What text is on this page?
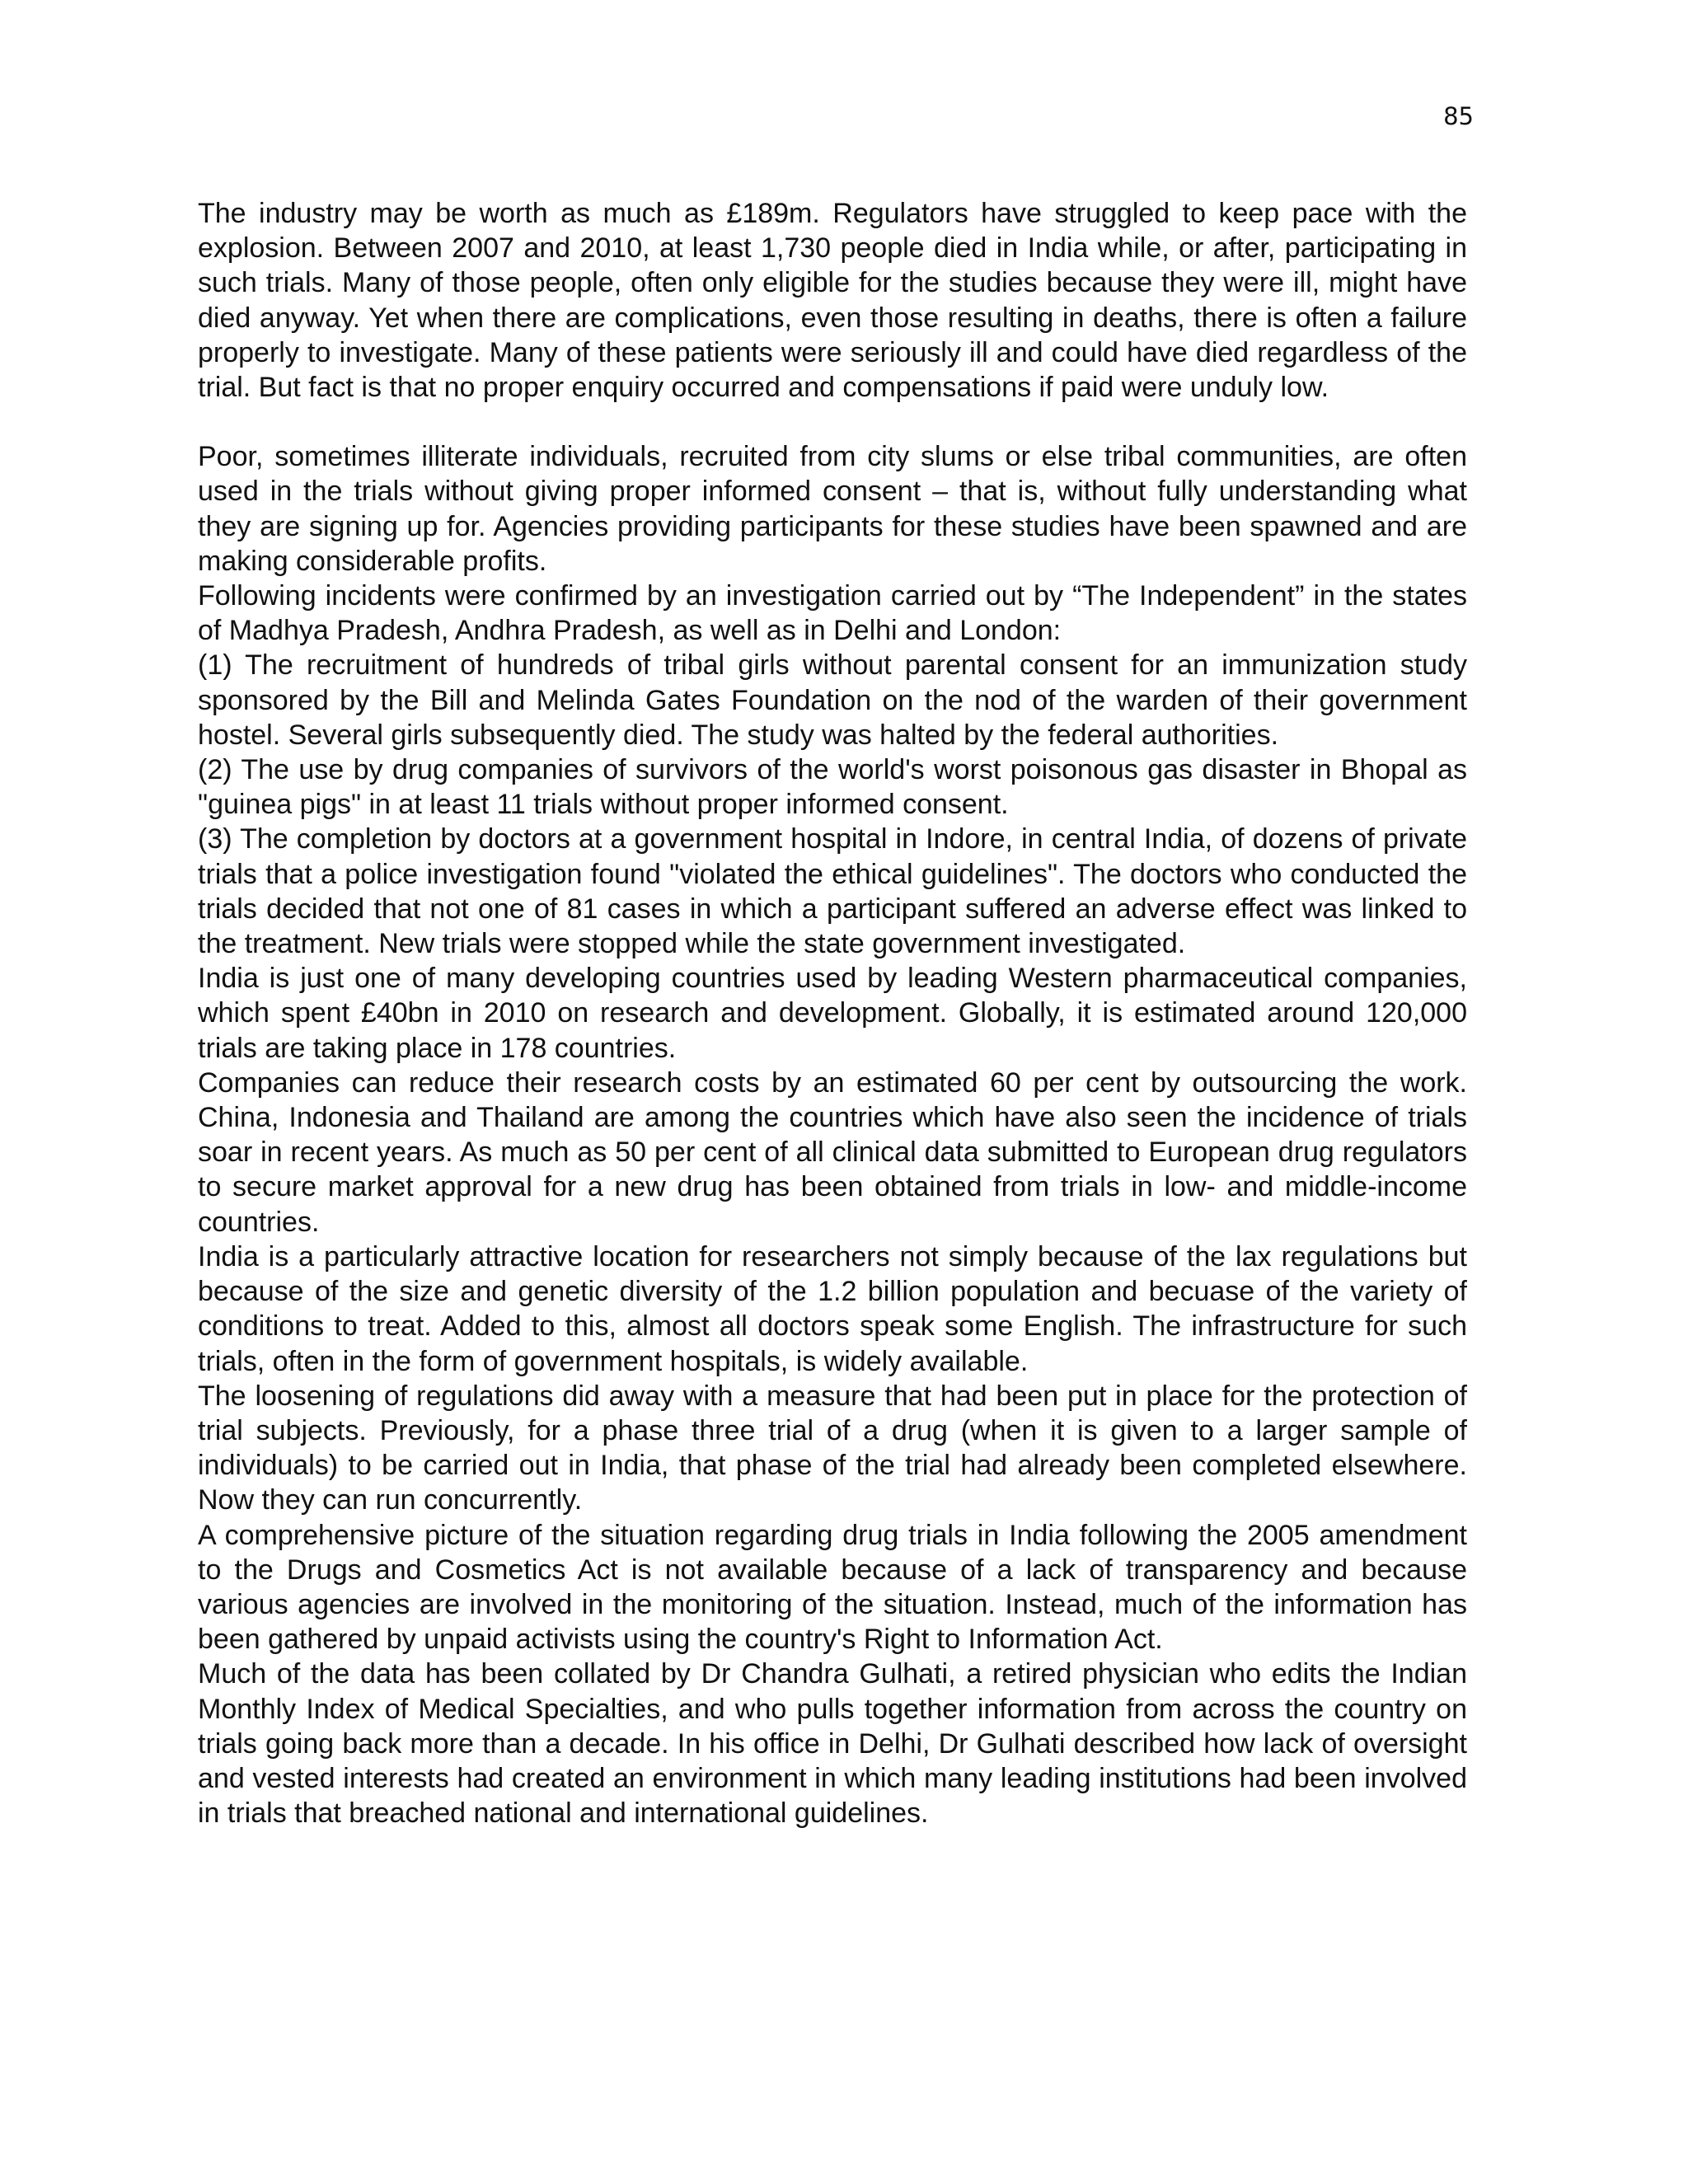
85

The industry may be worth as much as £189m. Regulators have struggled to keep pace with the explosion. Between 2007 and 2010, at least 1,730 people died in India while, or after, participating in such trials. Many of those people, often only eligible for the studies because they were ill, might have died anyway. Yet when there are complications, even those resulting in deaths, there is often a failure properly to investigate. Many of these patients were seriously ill and could have died regardless of the trial. But fact is that no proper enquiry occurred and compensations if paid were unduly low.

Poor, sometimes illiterate individuals, recruited from city slums or else tribal communities, are often used in the trials without giving proper informed consent – that is, without fully understanding what they are signing up for. Agencies providing participants for these studies have been spawned and are making considerable profits.

Following incidents were confirmed by an investigation carried out by “The Independent” in the states of Madhya Pradesh, Andhra Pradesh, as well as in Delhi and London:

(1) The recruitment of hundreds of tribal girls without parental consent for an immunization study sponsored by the Bill and Melinda Gates Foundation on the nod of the warden of their government hostel. Several girls subsequently died. The study was halted by the federal authorities.

(2) The use by drug companies of survivors of the world's worst poisonous gas disaster in Bhopal as "guinea pigs" in at least 11 trials without proper informed consent.

(3) The completion by doctors at a government hospital in Indore, in central India, of dozens of private trials that a police investigation found "violated the ethical guidelines". The doctors who conducted the trials decided that not one of 81 cases in which a participant suffered an adverse effect was linked to the treatment. New trials were stopped while the state government investigated.

India is just one of many developing countries used by leading Western pharmaceutical companies, which spent £40bn in 2010 on research and development. Globally, it is estimated around 120,000 trials are taking place in 178 countries.

Companies can reduce their research costs by an estimated 60 per cent by outsourcing the work. China, Indonesia and Thailand are among the countries which have also seen the incidence of trials soar in recent years. As much as 50 per cent of all clinical data submitted to European drug regulators to secure market approval for a new drug has been obtained from trials in low- and middle-income countries.

India is a particularly attractive location for researchers not simply because of the lax regulations but because of the size and genetic diversity of the 1.2 billion population and becuase of the variety of conditions to treat. Added to this, almost all doctors speak some English. The infrastructure for such trials, often in the form of government hospitals, is widely available.

The loosening of regulations did away with a measure that had been put in place for the protection of trial subjects. Previously, for a phase three trial of a drug (when it is given to a larger sample of individuals) to be carried out in India, that phase of the trial had already been completed elsewhere. Now they can run concurrently.

A comprehensive picture of the situation regarding drug trials in India following the 2005 amendment to the Drugs and Cosmetics Act is not available because of a lack of transparency and because various agencies are involved in the monitoring of the situation. Instead, much of the information has been gathered by unpaid activists using the country's Right to Information Act.

Much of the data has been collated by Dr Chandra Gulhati, a retired physician who edits the Indian Monthly Index of Medical Specialties, and who pulls together information from across the country on trials going back more than a decade. In his office in Delhi, Dr Gulhati described how lack of oversight and vested interests had created an environment in which many leading institutions had been involved in trials that breached national and international guidelines.
